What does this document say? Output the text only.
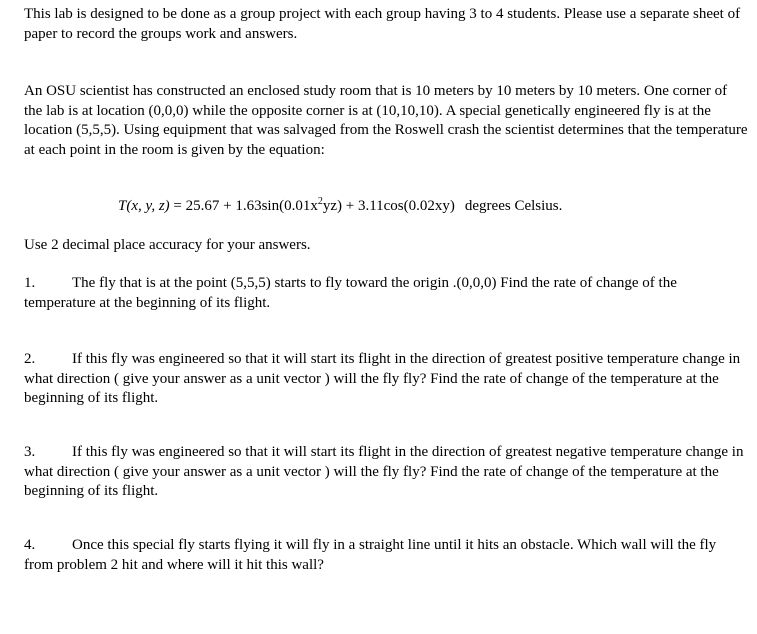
This lab is designed to be done as a group project with each group having 3 to 4 students. Please use a separate sheet of paper to record the groups work and answers.

An OSU scientist has constructed an enclosed study room that is 10 meters by 10 meters by 10 meters. One corner of the lab is at location (0,0,0) while the opposite corner is at (10,10,10). A special genetically engineered fly is at the location (5,5,5). Using equipment that was salvaged from the Roswell crash the scientist determines that the temperature at each point in the room is given by the equation:

T(x, y, $z) = 25.67 + 1.63\sin(0.01x^2yz) + 3.11\cos(0.02xy)$ degrees Celsius.

Use 2 decimal place accuracy for your answers.

1. The fly that is at the point (5,5,5) starts to fly toward the origin .(0,0,0) Find the rate of change of the temperature at the beginning of its flight.

2. If this fly was engineered so that it will start its flight in the direction of greatest positive temperature change in what direction ( give your answer as a unit vector ) will the fly fly? Find the rate of change of the temperature at the beginning of its flight.

3. If this fly was engineered so that it will start its flight in the direction of greatest negative temperature change in what direction ( give your answer as a unit vector ) will the fly fly? Find the rate of change of the temperature at the beginning of its flight.

4. Once this special fly starts flying it will fly in a straight line until it hits an obstacle. Which wall will the fly from problem 2 hit and where will it hit this wall?
